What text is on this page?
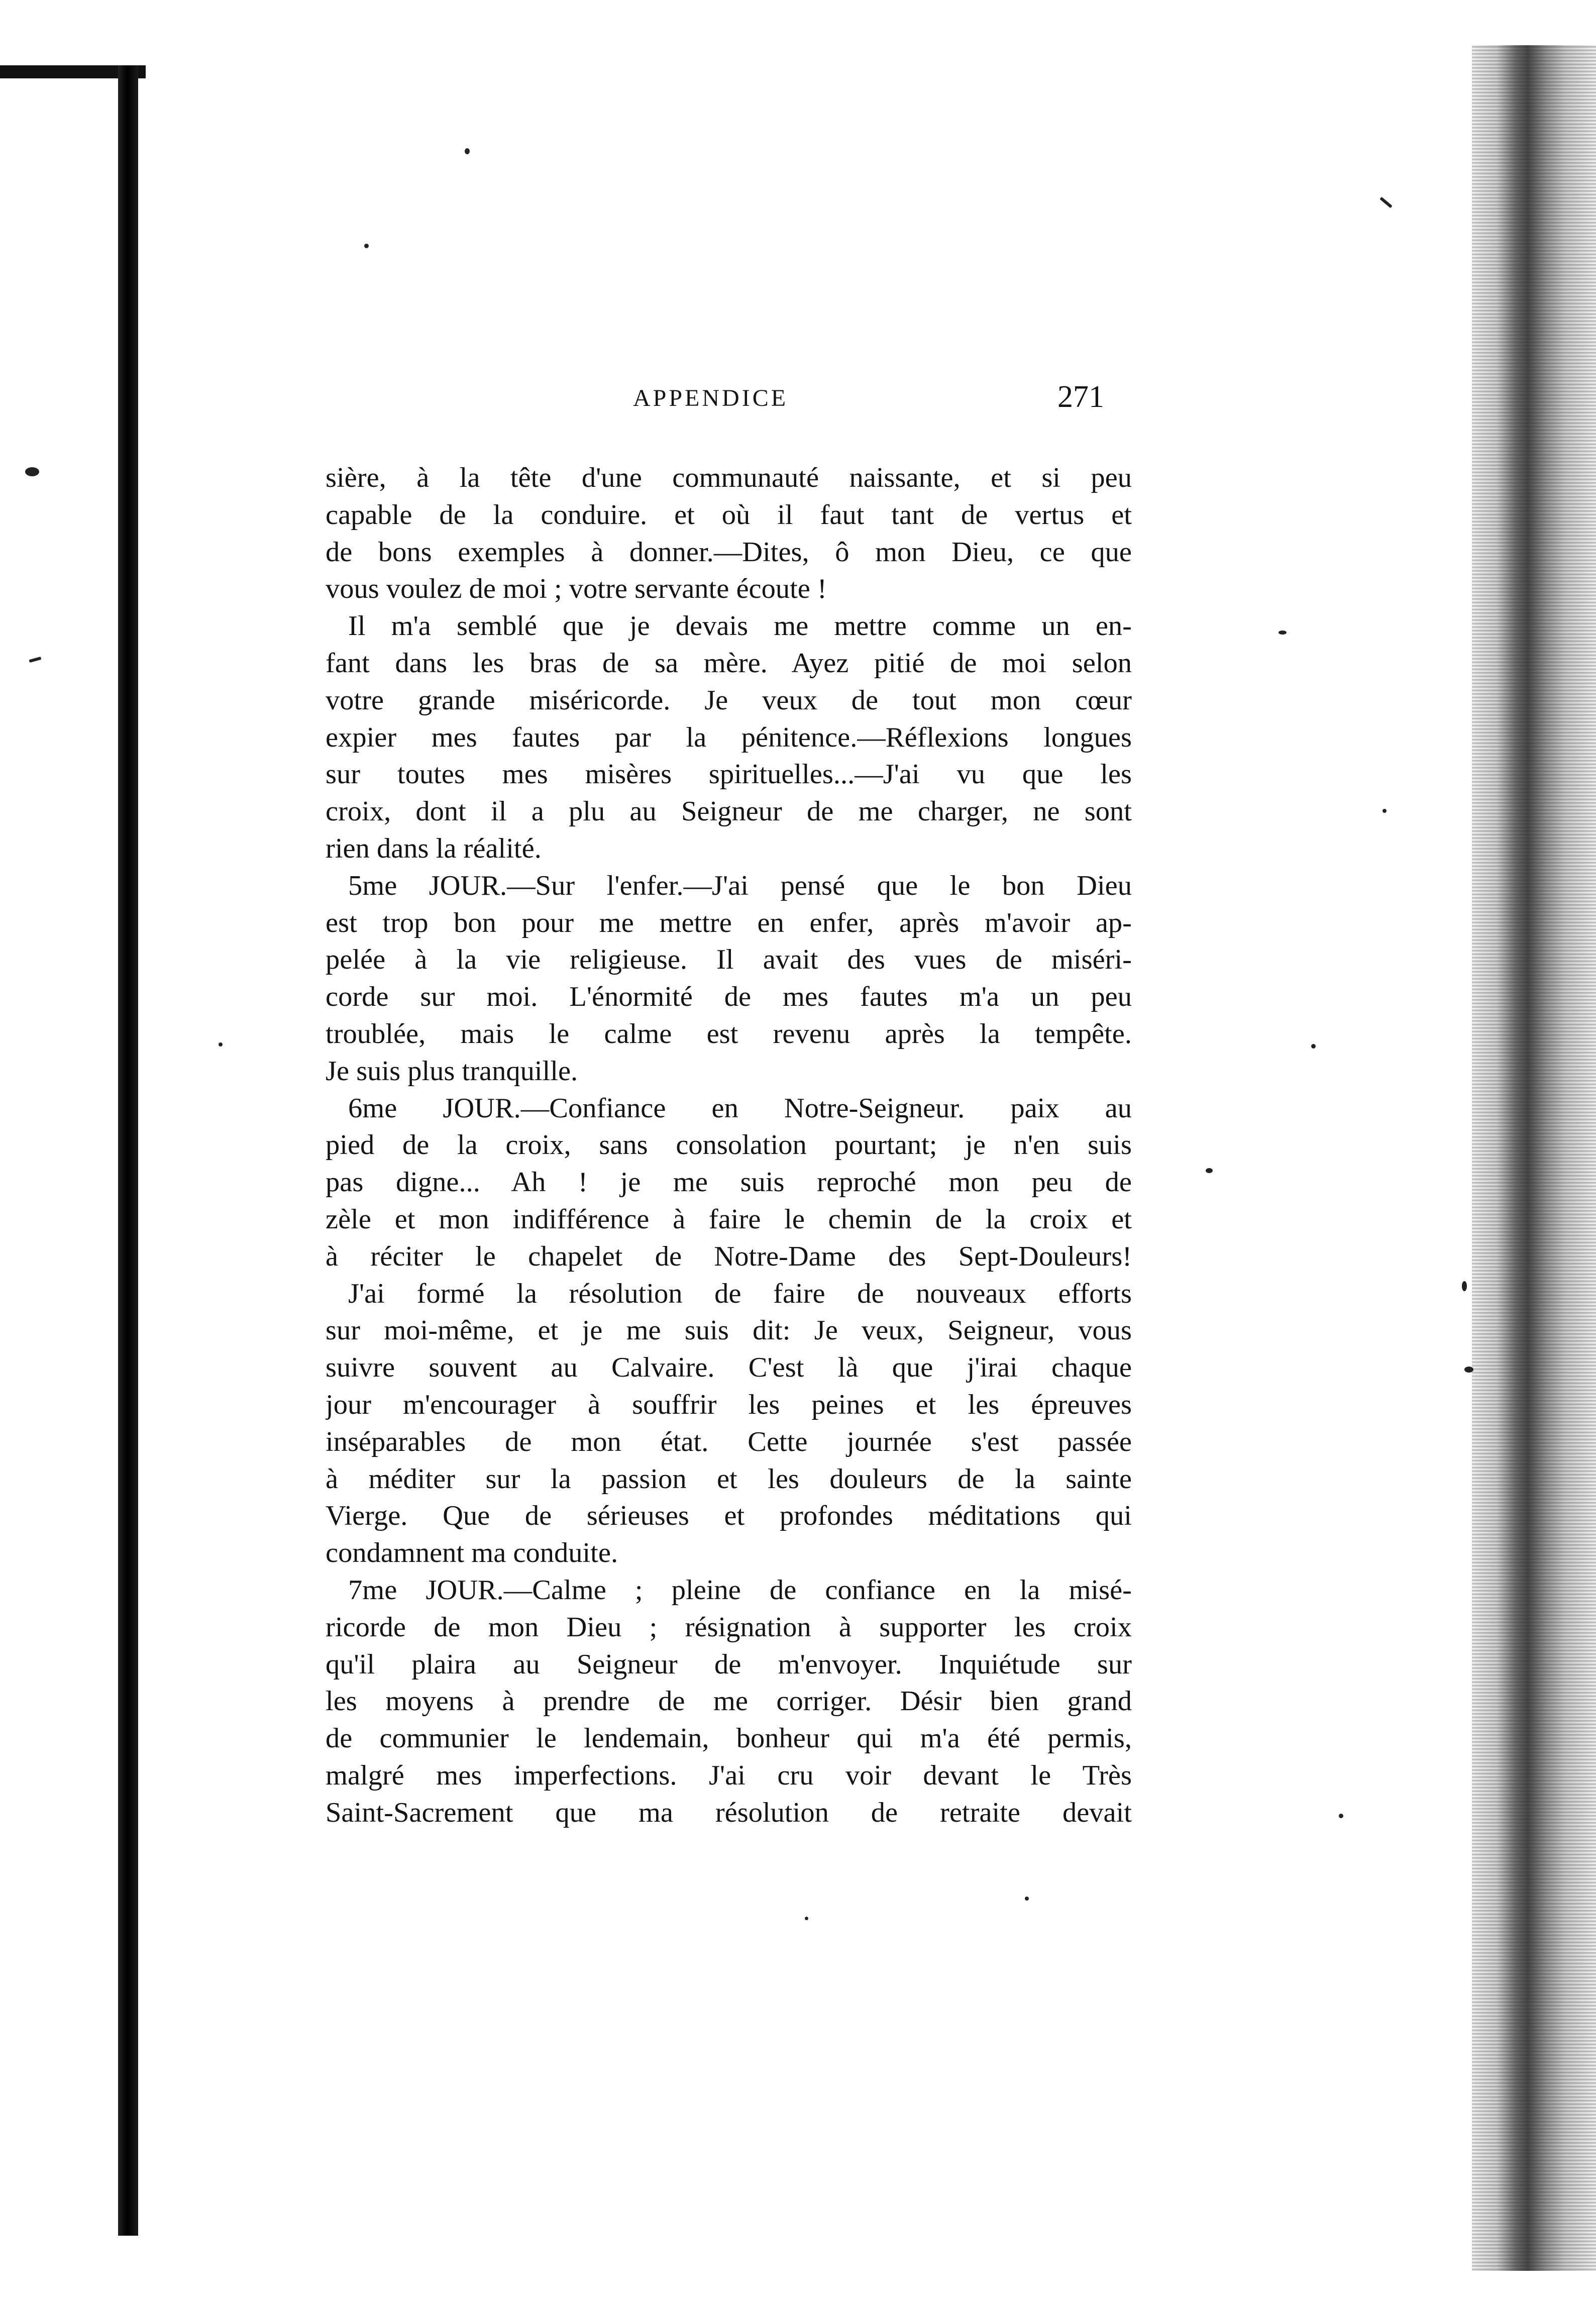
APPENDICE	271
sière, à la tête d'une communauté naissante, et si peu
capable de la conduire. et où il faut tant de vertus et
de bons exemples à donner.—Dites, ô mon Dieu, ce que
vous voulez de moi ; votre servante écoute !
Il m'a semblé que je devais me mettre comme un en-
fant dans les bras de sa mère. Ayez pitié de moi selon
votre grande miséricorde. Je veux de tout mon cœur
expier mes fautes par la pénitence.—Réflexions longues
sur toutes mes misères spirituelles...—J'ai vu que les
croix, dont il a plu au Seigneur de me charger, ne sont
rien dans la réalité.
5me JOUR.—Sur l'enfer.—J'ai pensé que le bon Dieu
est trop bon pour me mettre en enfer, après m'avoir ap-
pelée à la vie religieuse. Il avait des vues de miséri-
corde sur moi. L'énormité de mes fautes m'a un peu
troublée, mais le calme est revenu après la tempête.
Je suis plus tranquille.
6me JOUR.—Confiance en Notre-Seigneur. paix au
pied de la croix, sans consolation pourtant; je n'en suis
pas digne... Ah ! je me suis reproché mon peu de
zèle et mon indifférence à faire le chemin de la croix et
à réciter le chapelet de Notre-Dame des Sept-Douleurs!
J'ai formé la résolution de faire de nouveaux efforts
sur moi-même, et je me suis dit: Je veux, Seigneur, vous
suivre souvent au Calvaire. C'est là que j'irai chaque
jour m'encourager à souffrir les peines et les épreuves
inséparables de mon état. Cette journée s'est passée
à méditer sur la passion et les douleurs de la sainte
Vierge. Que de sérieuses et profondes méditations qui
condamnent ma conduite.
7me JOUR.—Calme ; pleine de confiance en la misé-
ricorde de mon Dieu ; résignation à supporter les croix
qu'il plaira au Seigneur de m'envoyer. Inquiétude sur
les moyens à prendre de me corriger. Désir bien grand
de communier le lendemain, bonheur qui m'a été permis,
malgré mes imperfections. J'ai cru voir devant le Très
Saint-Sacrement que ma résolution de retraite devait
